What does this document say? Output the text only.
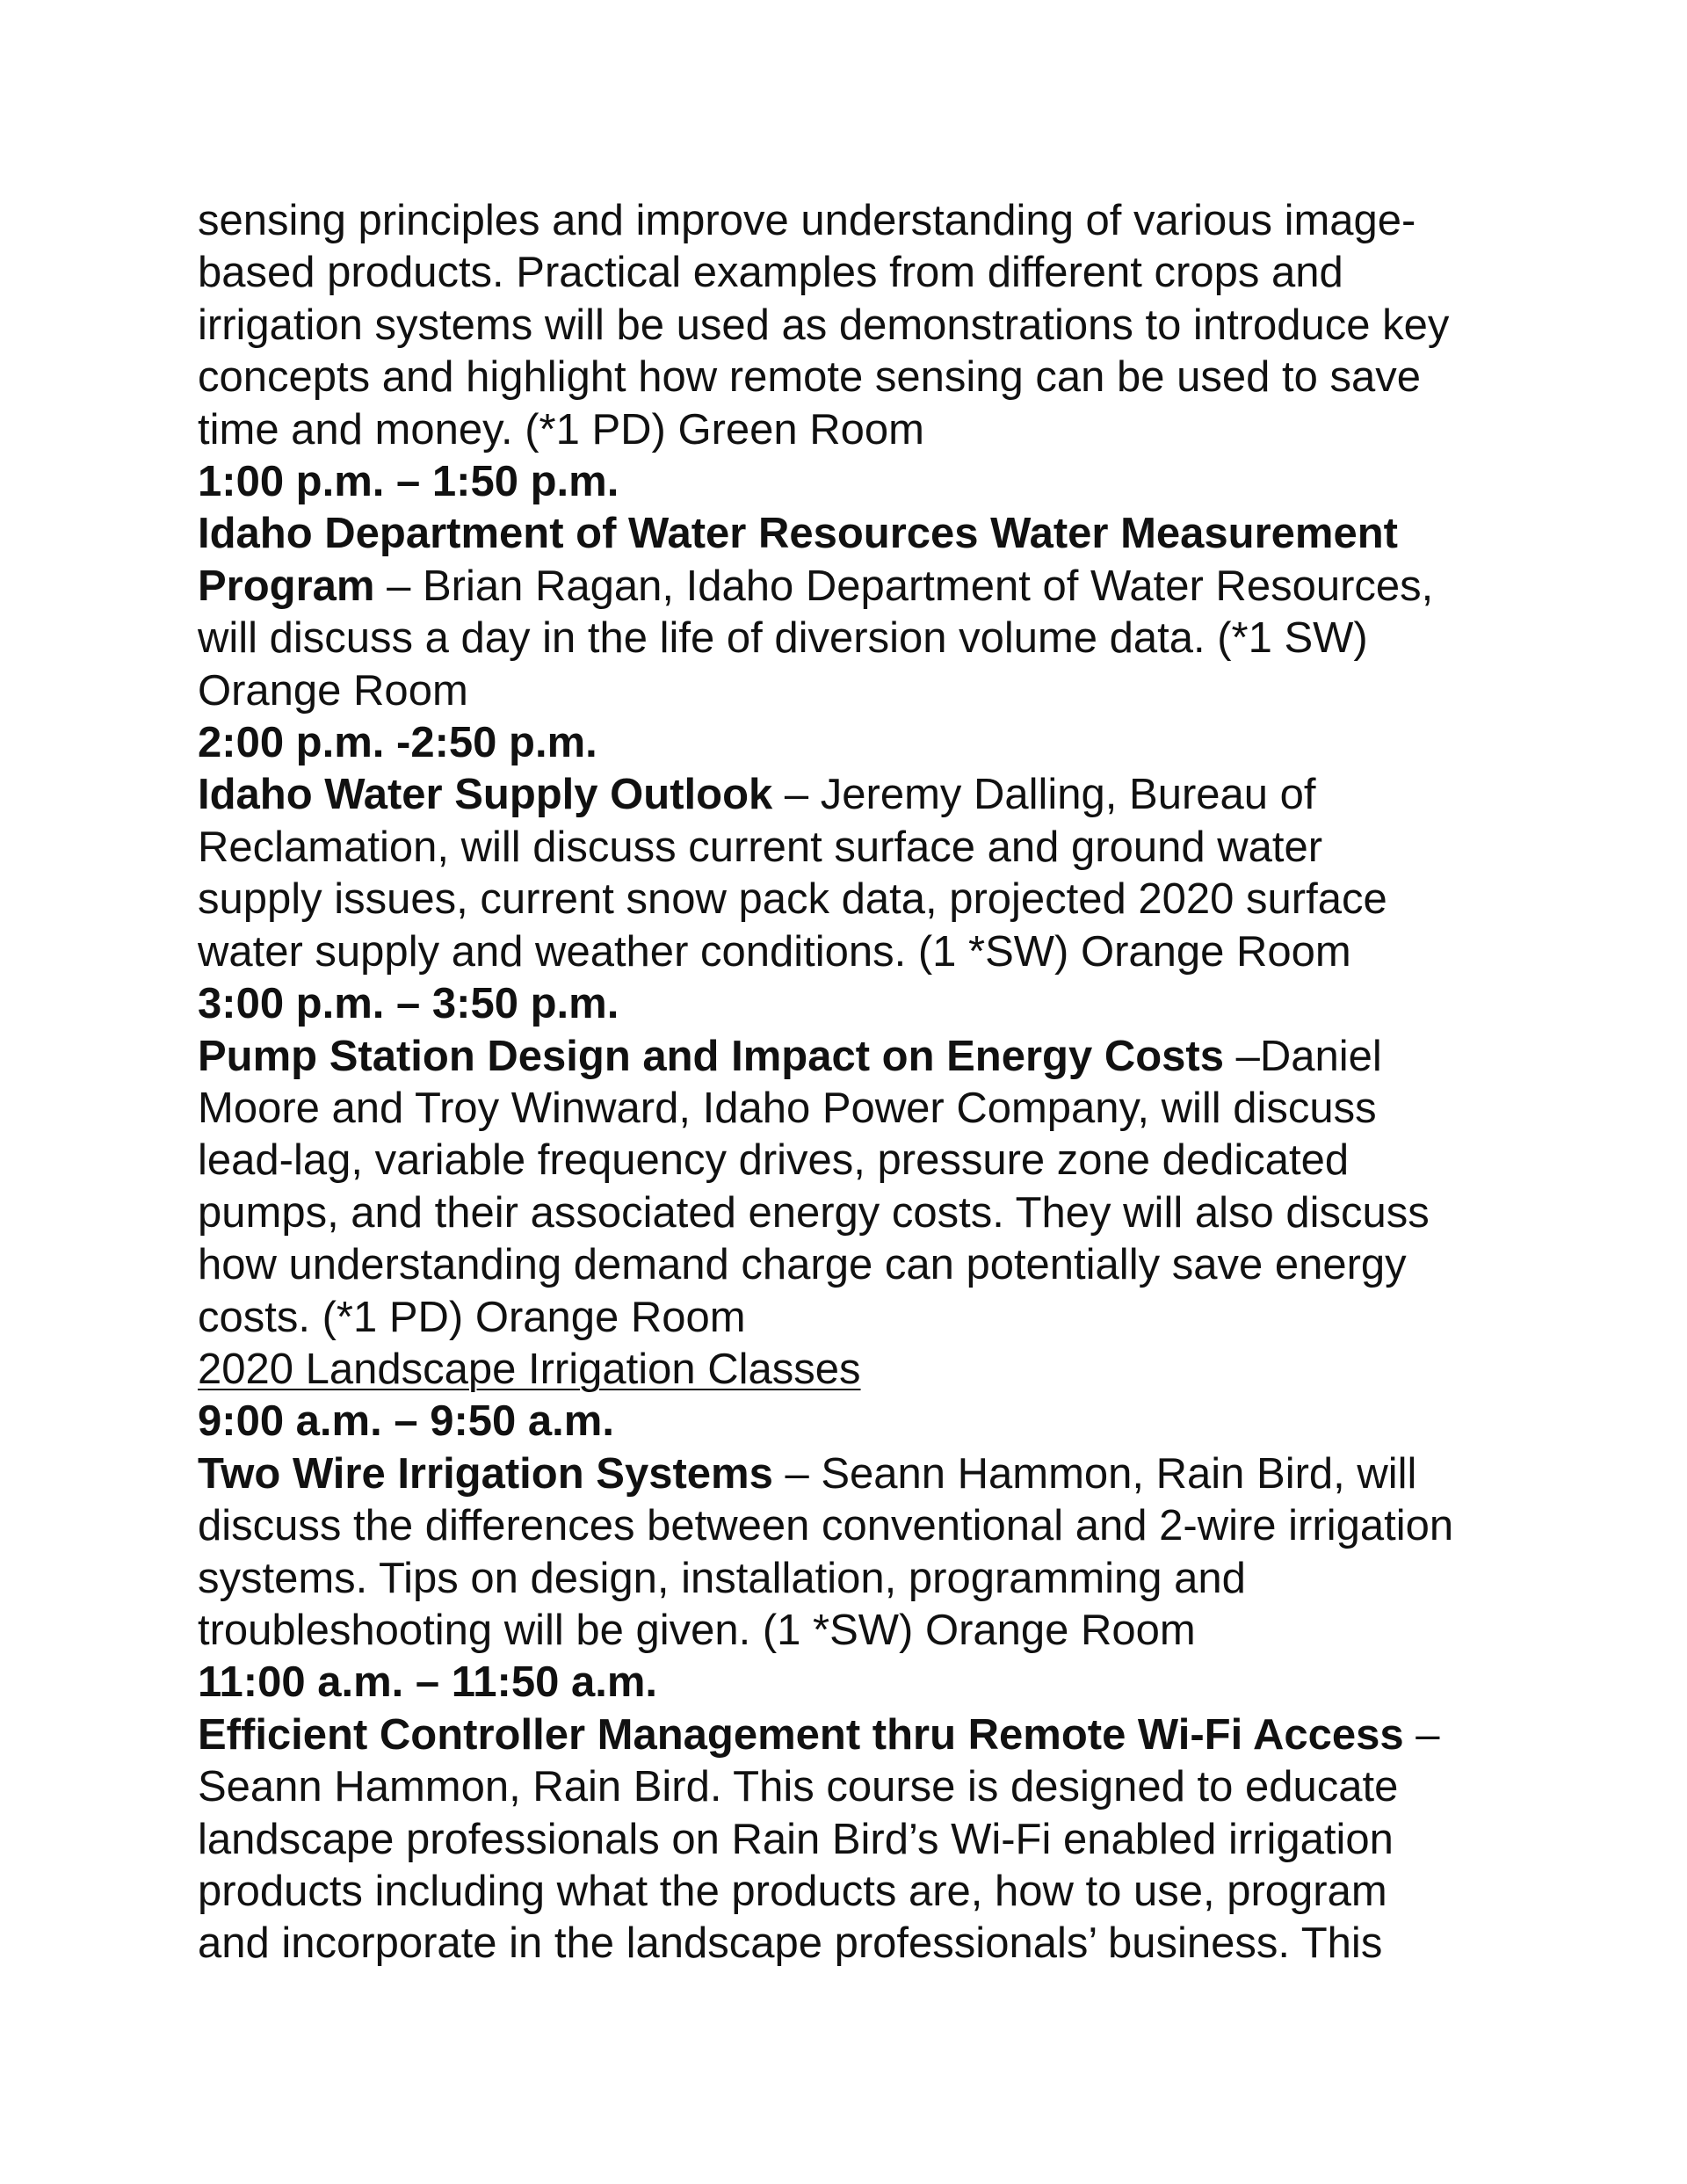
sensing principles and improve understanding of various image-
based products. Practical examples from different crops and
irrigation systems will be used as demonstrations to introduce key
concepts and highlight how remote sensing can be used to save
time and money. (*1 PD) Green Room
1:00 p.m. – 1:50 p.m.
Idaho Department of Water Resources Water Measurement
Program – Brian Ragan, Idaho Department of Water Resources,
will discuss a day in the life of diversion volume data. (*1 SW)
Orange Room
2:00 p.m. -2:50 p.m.
Idaho Water Supply Outlook – Jeremy Dalling, Bureau of
Reclamation, will discuss current surface and ground water
supply issues, current snow pack data, projected 2020 surface
water supply and weather conditions. (1 *SW) Orange Room
3:00 p.m. – 3:50 p.m.
Pump Station Design and Impact on Energy Costs –Daniel
Moore and Troy Winward, Idaho Power Company, will discuss
lead-lag, variable frequency drives, pressure zone dedicated
pumps, and their associated energy costs. They will also discuss
how understanding demand charge can potentially save energy
costs. (*1 PD) Orange Room
2020 Landscape Irrigation Classes
9:00 a.m. – 9:50 a.m.
Two Wire Irrigation Systems – Seann Hammon, Rain Bird, will
discuss the differences between conventional and 2-wire irrigation
systems. Tips on design, installation, programming and
troubleshooting will be given. (1 *SW) Orange Room
11:00 a.m. – 11:50 a.m.
Efficient Controller Management thru Remote Wi-Fi Access –
Seann Hammon, Rain Bird. This course is designed to educate
landscape professionals on Rain Bird’s Wi-Fi enabled irrigation
products including what the products are, how to use, program
and incorporate in the landscape professionals’ business. This
